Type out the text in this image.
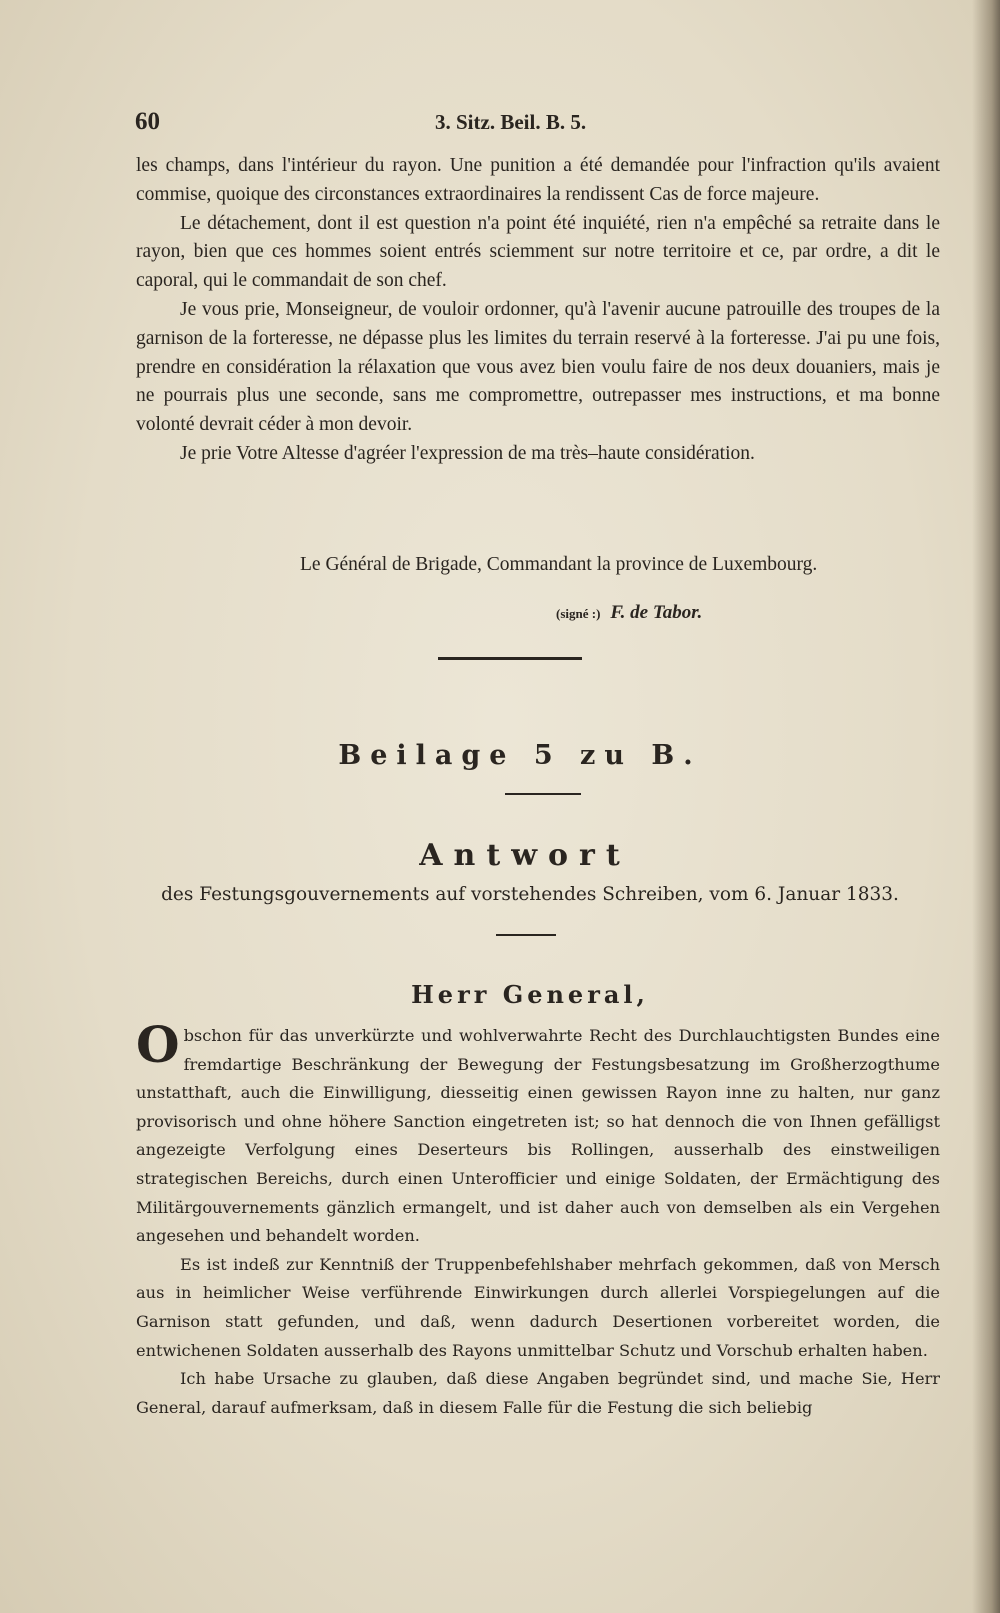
60	3. Sitz. Beil. B. 5.

les champs, dans l'intérieur du rayon. Une punition a été demandée pour l'infraction qu'ils avaient commise, quoique des circonstances extraordinaires la rendissent Cas de force majeure.

Le détachement, dont il est question n'a point été inquiété, rien n'a empêché sa retraite dans le rayon, bien que ces hommes soient entrés sciemment sur notre territoire et ce, par ordre, a dit le caporal, qui le commandait de son chef.

Je vous prie, Monseigneur, de vouloir ordonner, qu'à l'avenir aucune patrouille des troupes de la garnison de la forteresse, ne dépasse plus les limites du terrain reservé à la forteresse. J'ai pu une fois, prendre en considération la rélaxation que vous avez bien voulu faire de nos deux douaniers, mais je ne pourrais plus une seconde, sans me compromettre, outrepasser mes instructions, et ma bonne volonté devrait céder à mon devoir.

Je prie Votre Altesse d'agréer l'expression de ma très–haute considération.

Le Général de Brigade, Commandant la province de Luxembourg.
(signé :) F. de Tabor.
Beilage 5 zu B.
Antwort
des Festungsgouvernements auf vorstehendes Schreiben, vom 6. Januar 1833.
Herr General,

Obschon für das unverkürzte und wohlverwahrte Recht des Durchlauchtigsten Bundes eine fremdartige Beschränkung der Bewegung der Festungsbesatzung im Großherzogthume unstatthaft, auch die Einwilligung, diesseitig einen gewissen Rayon inne zu halten, nur ganz provisorisch und ohne höhere Sanction eingetreten ist; so hat dennoch die von Ihnen gefälligst angezeigte Verfolgung eines Deserteurs bis Rollingen, ausserhalb des einstweiligen strategischen Bereichs, durch einen Unterofficier und einige Soldaten, der Ermächtigung des Militärgouvernements gänzlich ermangelt, und ist daher auch von demselben als ein Vergehen angesehen und behandelt worden.

Es ist indeß zur Kenntniß der Truppenbefehlshaber mehrfach gekommen, daß von Mersch aus in heimlicher Weise verführende Einwirkungen durch allerlei Vorspiegelungen auf die Garnison statt gefunden, und daß, wenn dadurch Desertionen vorbereitet worden, die entwichenen Soldaten ausserhalb des Rayons unmittelbar Schutz und Vorschub erhalten haben.

Ich habe Ursache zu glauben, daß diese Angaben begründet sind, und mache Sie, Herr General, darauf aufmerksam, daß in diesem Falle für die Festung die sich beliebig
